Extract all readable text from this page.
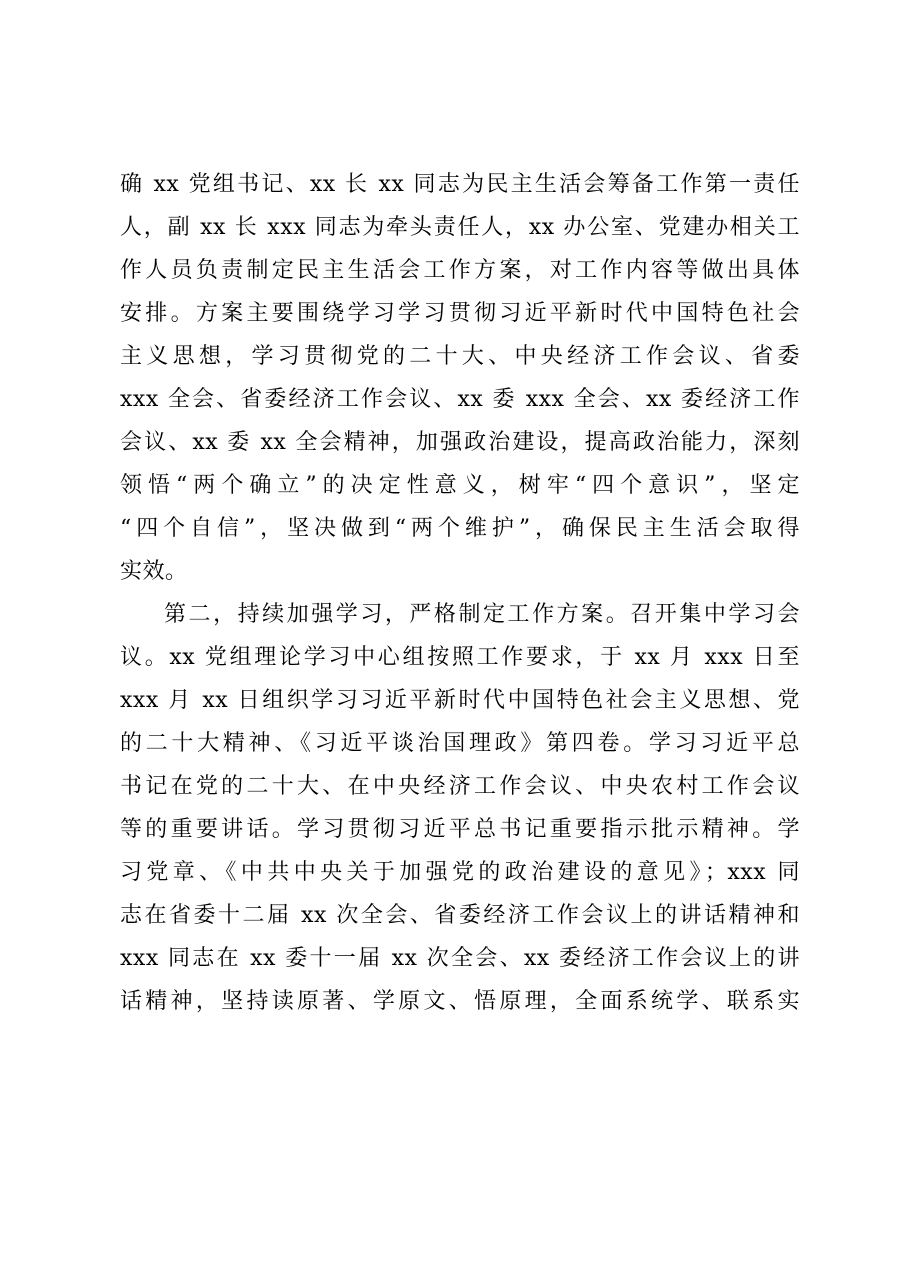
确 xx 党组书记、xx 长 xx 同志为民主生活会筹备工作第一责任
人，副 xx 长 xxx 同志为牵头责任人，xx 办公室、党建办相关工
作人员负责制定民主生活会工作方案，对工作内容等做出具体
安排。方案主要围绕学习学习贯彻习近平新时代中国特色社会
主义思想，学习贯彻党的二十大、中央经济工作会议、省委
xxx 全会、省委经济工作会议、xx 委 xxx 全会、xx 委经济工作
会议、xx 委 xx 全会精神，加强政治建设，提高政治能力，深刻
领悟“两个确立”的决定性意义，树牢“四个意识”，坚定
“四个自信”，坚决做到“两个维护”，确保民主生活会取得
实效。
第二，持续加强学习，严格制定工作方案。召开集中学习会
议。xx 党组理论学习中心组按照工作要求，于 xx 月 xxx 日至
xxx 月 xx 日组织学习习近平新时代中国特色社会主义思想、党
的二十大精神、《习近平谈治国理政》第四卷。学习习近平总
书记在党的二十大、在中央经济工作会议、中央农村工作会议
等的重要讲话。学习贯彻习近平总书记重要指示批示精神。学
习党章、《中共中央关于加强党的政治建设的意见》；xxx 同
志在省委十二届 xx 次全会、省委经济工作会议上的讲话精神和
xxx 同志在 xx 委十一届 xx 次全会、xx 委经济工作会议上的讲
话精神，坚持读原著、学原文、悟原理，全面系统学、联系实
